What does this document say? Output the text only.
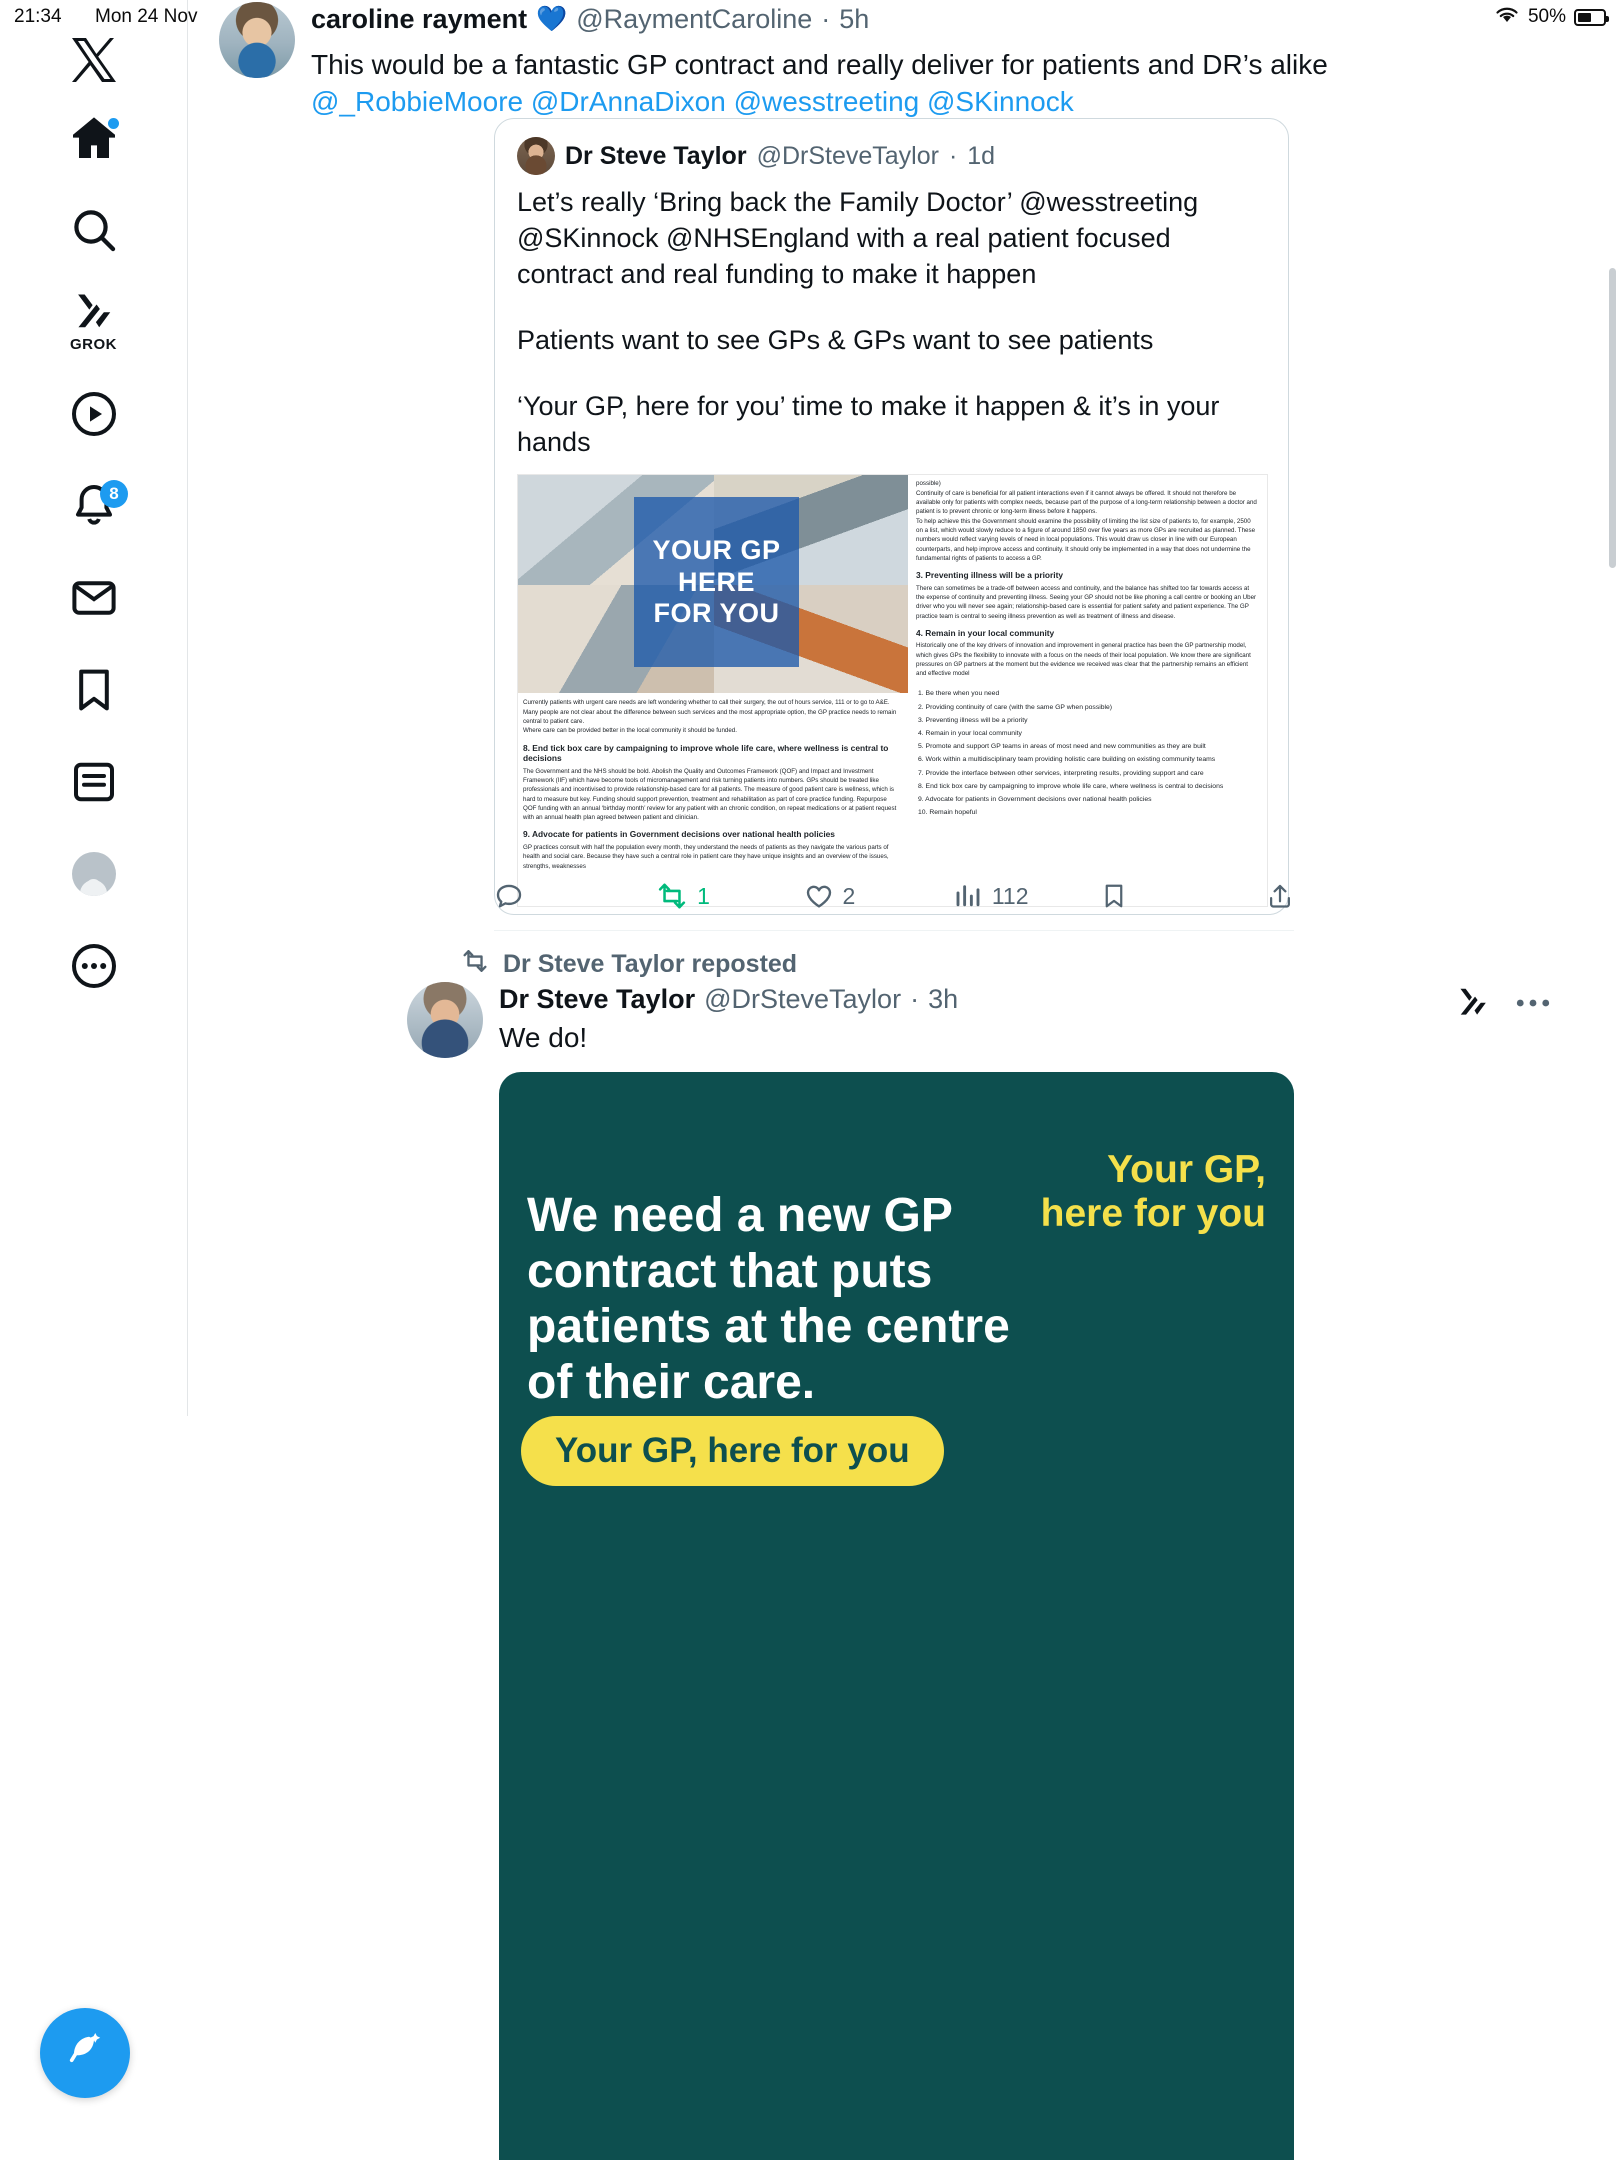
21:34 Mon 24 Nov	50%
GROK
8
caroline rayment 💙 @RaymentCaroline · 5h
This would be a fantastic GP contract and really deliver for patients and DR’s alike @_RobbieMoore @DrAnnaDixon @wesstreeting @SKinnock
Dr Steve Taylor @DrSteveTaylor · 1d

Let’s really ‘Bring back the Family Doctor’ @wesstreeting @SKinnock @NHSEngland with a real patient focused contract and real funding to make it happen

Patients want to see GPs & GPs want to see patients

‘Your GP, here for you’ time to make it happen & it’s in your hands

YOUR GP
HERE
FOR YOU
Currently patients with urgent care needs are left wondering whether to call their surgery, the out of hours service, 111 or to go to A&E. Many people are not clear about the difference between such services and the most appropriate option, the GP practice needs to remain central to patient care.
Where care can be provided better in the local community it should be funded.
8. End tick box care by campaigning to improve whole life care, where wellness is central to decisions
The Government and the NHS should be bold. Abolish the Quality and Outcomes Framework (QOF) and Impact and Investment Framework (IIF) which have become tools of micromanagement and risk turning patients into numbers. GPs should be treated like professionals and incentivised to provide relationship-based care for all patients. The measure of good patient care is wellness, which is hard to measure but key. Funding should support prevention, treatment and rehabilitation as part of core practice funding. Repurpose QOF funding with an annual ‘birthday month’ review for any patient with an chronic condition, on repeat medications or at patient request with an annual health plan agreed between patient and clinician.
9. Advocate for patients in Government decisions over national health policies
GP practices consult with half the population every month, they understand the needs of patients as they navigate the various parts of health and social care. Because they have such a central role in patient care they have unique insights and an overview of the issues, strengths, weaknesses
possible)
Continuity of care is beneficial for all patient interactions even if it cannot always be offered. It should not therefore be available only for patients with complex needs, because part of the purpose of a long-term relationship between a doctor and patient is to prevent chronic or long-term illness before it happens.
To help achieve this the Government should examine the possibility of limiting the list size of patients to, for example, 2500 on a list, which would slowly reduce to a figure of around 1850 over five years as more GPs are recruited as planned. These numbers would reflect varying levels of need in local populations. This would draw us closer in line with our European counterparts, and help improve access and continuity. It should only be implemented in a way that does not undermine the fundamental rights of patients to access a GP.
3. Preventing illness will be a priority
There can sometimes be a trade-off between access and continuity, and the balance has shifted too far towards access at the expense of continuity and preventing illness. Seeing your GP should not be like phoning a call centre or booking an Uber driver who you will never see again; relationship-based care is essential for patient safety and patient experience. The GP practice team is central to seeing illness prevention as well as treatment of illness and disease.
4. Remain in your local community
Historically one of the key drivers of innovation and improvement in general practice has been the GP partnership model, which gives GPs the flexibility to innovate with a focus on the needs of their local population. We know there are significant pressures on GP partners at the moment but the evidence we received was clear that the partnership remains an efficient and effective model
1. Be there when you need
2. Providing continuity of care (with the same GP when possible)
3. Preventing illness will be a priority
4. Remain in your local community
5. Promote and support GP teams in areas of most need and new communities as they are built
6. Work within a multidisciplinary team providing holistic care building on existing community teams
7. Provide the interface between other services, interpreting results, providing support and care
8. End tick box care by campaigning to improve whole life care, where wellness is central to decisions
9. Advocate for patients in Government decisions over national health policies
10. Remain hopeful
1	2	112
Dr Steve Taylor reposted
Dr Steve Taylor @DrSteveTaylor · 3h
We do!
Your GP,
here for you
We need a new GP contract that puts patients at the centre of their care.
Your GP, here for you
